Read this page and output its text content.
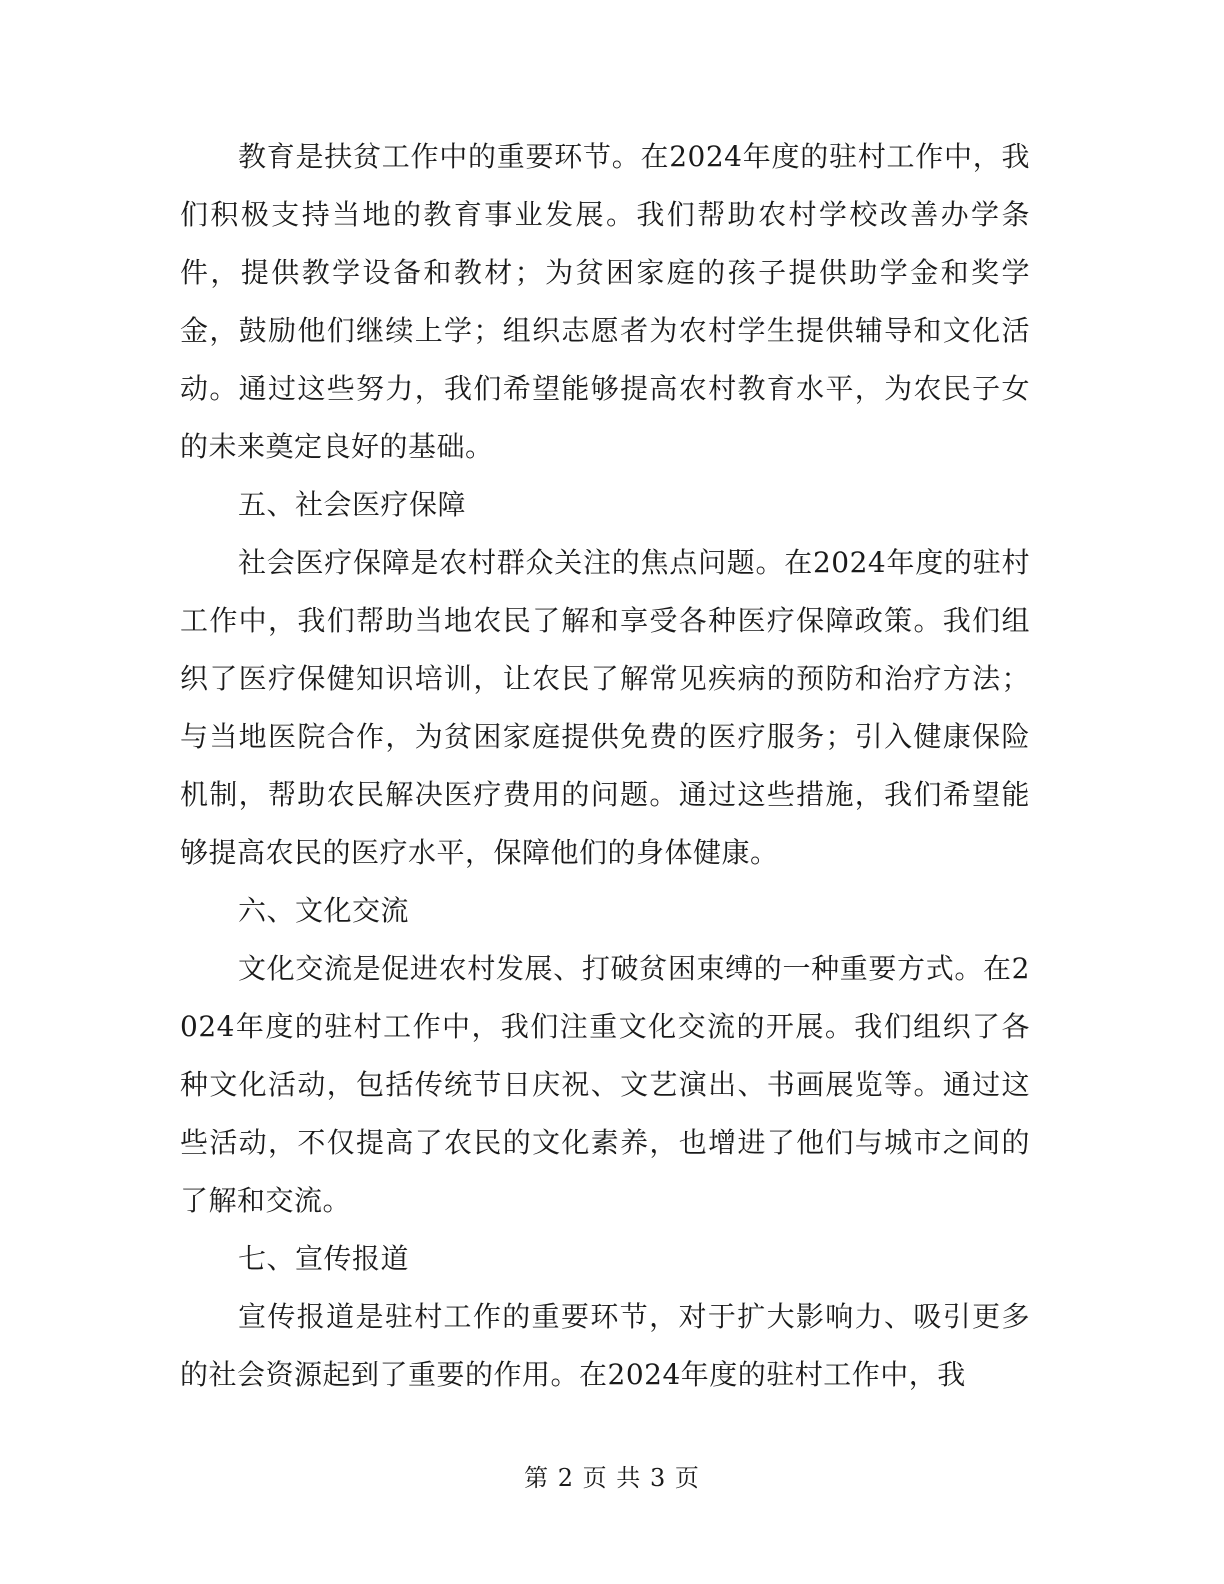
教育是扶贫工作中的重要环节。在2024年度的驻村工作中，我们积极支持当地的教育事业发展。我们帮助农村学校改善办学条件，提供教学设备和教材；为贫困家庭的孩子提供助学金和奖学金，鼓励他们继续上学；组织志愿者为农村学生提供辅导和文化活动。通过这些努力，我们希望能够提高农村教育水平，为农民子女的未来奠定良好的基础。

五、社会医疗保障

社会医疗保障是农村群众关注的焦点问题。在2024年度的驻村工作中，我们帮助当地农民了解和享受各种医疗保障政策。我们组织了医疗保健知识培训，让农民了解常见疾病的预防和治疗方法；与当地医院合作，为贫困家庭提供免费的医疗服务；引入健康保险机制，帮助农民解决医疗费用的问题。通过这些措施，我们希望能够提高农民的医疗水平，保障他们的身体健康。

六、文化交流

文化交流是促进农村发展、打破贫困束缚的一种重要方式。在2024年度的驻村工作中，我们注重文化交流的开展。我们组织了各种文化活动，包括传统节日庆祝、文艺演出、书画展览等。通过这些活动，不仅提高了农民的文化素养，也增进了他们与城市之间的了解和交流。

七、宣传报道

宣传报道是驻村工作的重要环节，对于扩大影响力、吸引更多的社会资源起到了重要的作用。在2024年度的驻村工作中，我

第 2 页 共 3 页
